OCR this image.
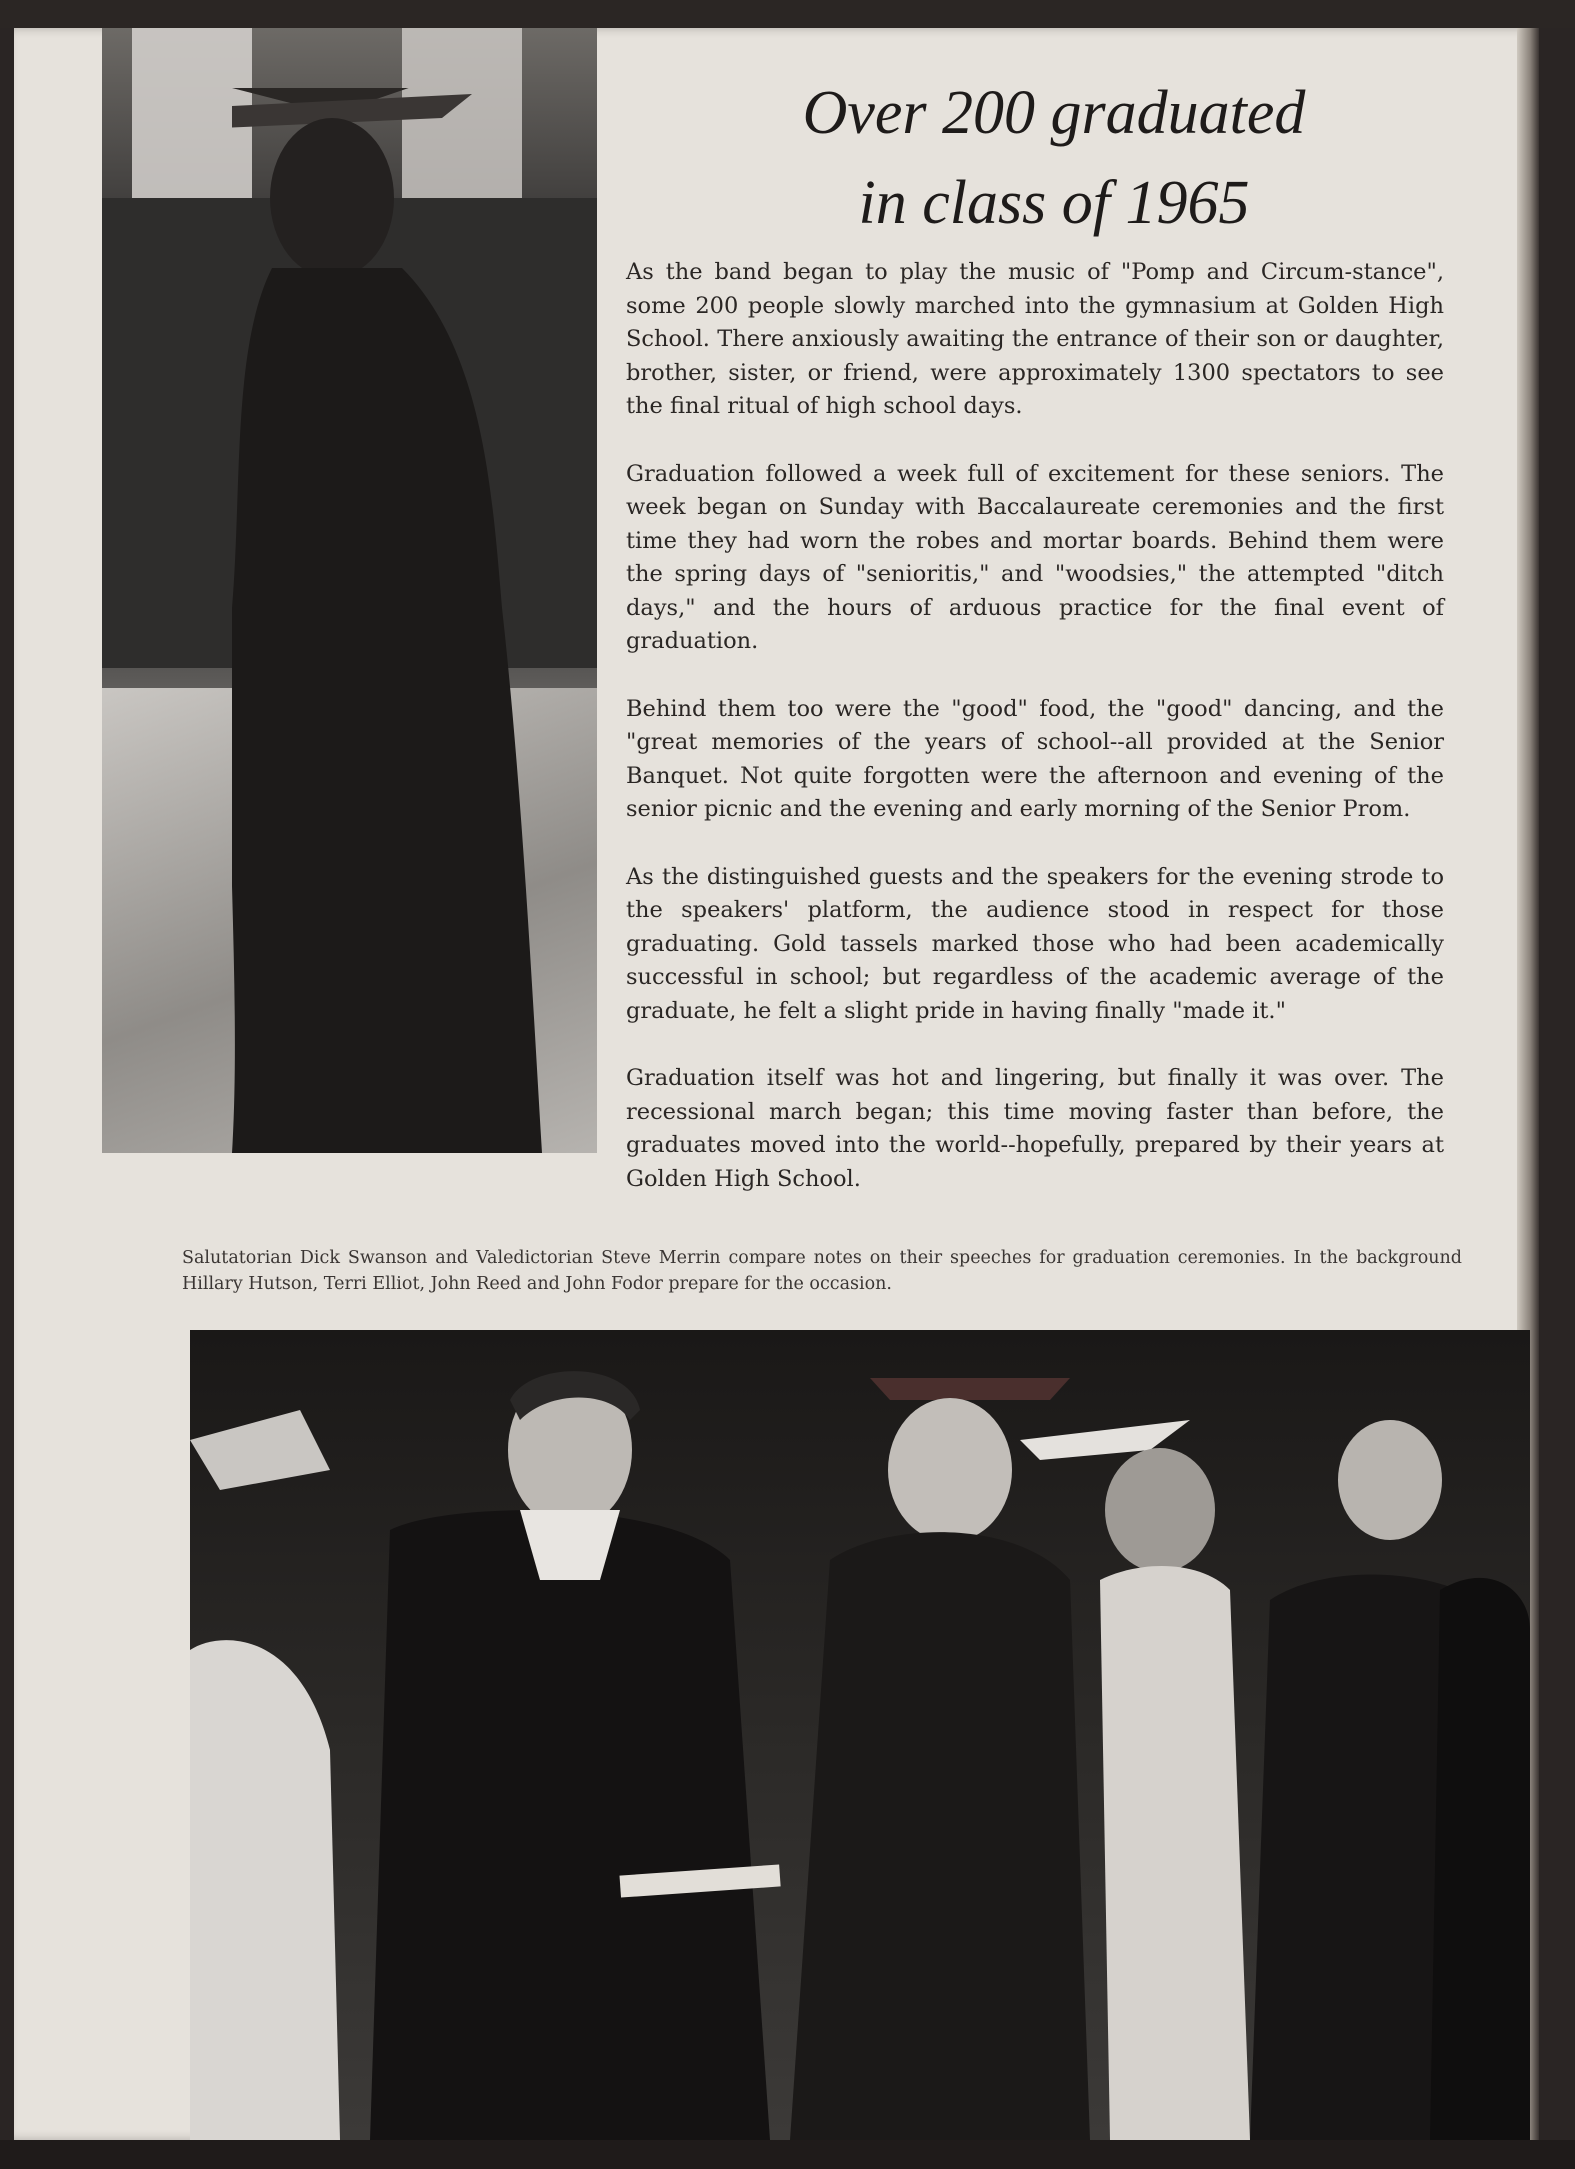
Over 200 graduated
in class of 1965

As the band began to play the music of "Pomp and Circum-stance", some 200 people slowly marched into the gymnasium at Golden High School. There anxiously awaiting the entrance of their son or daughter, brother, sister, or friend, were approximately 1300 spectators to see the final ritual of high school days.

Graduation followed a week full of excitement for these seniors. The week began on Sunday with Baccalaureate ceremonies and the first time they had worn the robes and mortar boards. Behind them were the spring days of "senioritis," and "woodsies," the attempted "ditch days," and the hours of arduous practice for the final event of graduation.

Behind them too were the "good" food, the "good" dancing, and the "great memories of the years of school--all provided at the Senior Banquet. Not quite forgotten were the afternoon and evening of the senior picnic and the evening and early morning of the Senior Prom.

As the distinguished guests and the speakers for the evening strode to the speakers' platform, the audience stood in respect for those graduating. Gold tassels marked those who had been academically successful in school; but regardless of the academic average of the graduate, he felt a slight pride in having finally "made it."

Graduation itself was hot and lingering, but finally it was over. The recessional march began; this time moving faster than before, the graduates moved into the world--hopefully, prepared by their years at Golden High School.

Salutatorian Dick Swanson and Valedictorian Steve Merrin compare notes on their speeches for graduation ceremonies. In the background Hillary Hutson, Terri Elliot, John Reed and John Fodor prepare for the occasion.
